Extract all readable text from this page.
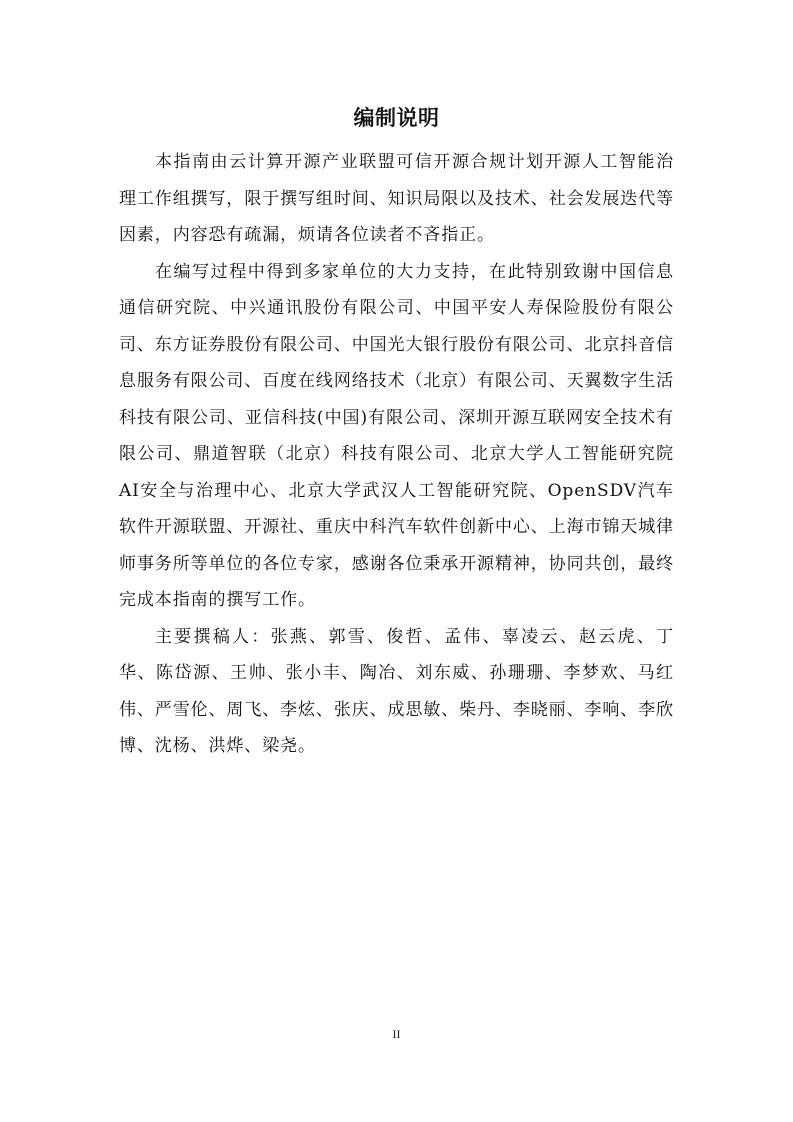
编制说明

本指南由云计算开源产业联盟可信开源合规计划开源人工智能治理工作组撰写，限于撰写组时间、知识局限以及技术、社会发展迭代等因素，内容恐有疏漏，烦请各位读者不吝指正。

在编写过程中得到多家单位的大力支持，在此特别致谢中国信息通信研究院、中兴通讯股份有限公司、中国平安人寿保险股份有限公司、东方证券股份有限公司、中国光大银行股份有限公司、北京抖音信息服务有限公司、百度在线网络技术（北京）有限公司、天翼数字生活科技有限公司、亚信科技(中国)有限公司、深圳开源互联网安全技术有限公司、鼎道智联（北京）科技有限公司、北京大学人工智能研究院AI安全与治理中心、北京大学武汉人工智能研究院、OpenSDV汽车软件开源联盟、开源社、重庆中科汽车软件创新中心、上海市锦天城律师事务所等单位的各位专家，感谢各位秉承开源精神，协同共创，最终完成本指南的撰写工作。

主要撰稿人：张燕、郭雪、俊哲、孟伟、辜凌云、赵云虎、丁华、陈岱源、王帅、张小丰、陶冶、刘东威、孙珊珊、李梦欢、马红伟、严雪伦、周飞、李炫、张庆、成思敏、柴丹、李晓丽、李响、李欣博、沈杨、洪烨、梁尧。

II
